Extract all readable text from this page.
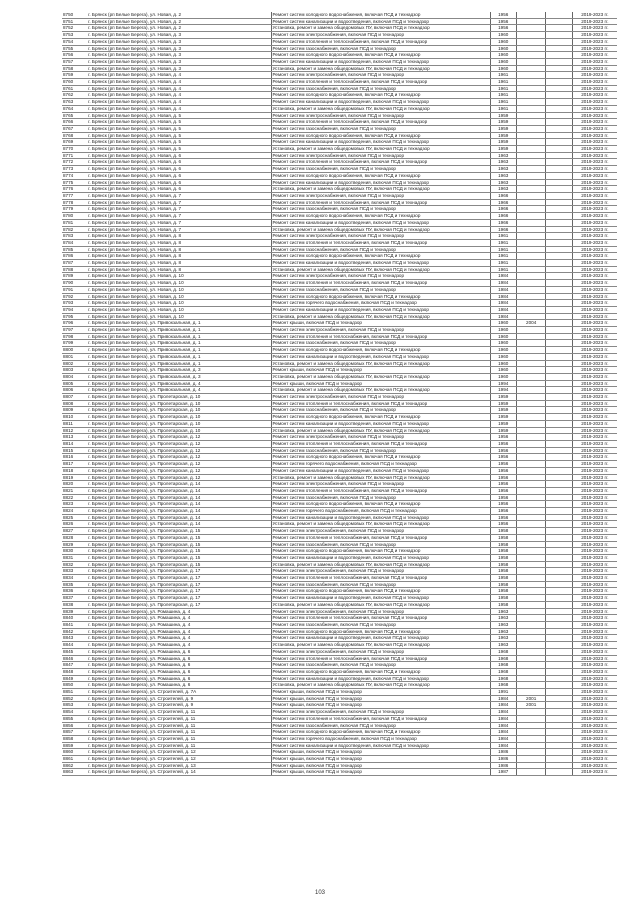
8750	г. Брянск (рп Белые Берега), ул. Новая, д. 2	Ремонт систем холодного водоснабжения, включая ПСД и технадзор	1956			2019-2023 гг.
8751	г. Брянск (рп Белые Берега), ул. Новая, д. 2	Ремонт систем канализации и водоотведения, включая ПСД и технадзор	1956			2019-2023 гг.
8752	г. Брянск (рп Белые Берега), ул. Новая, д. 2	Установка, ремонт и замена общедомовых ПУ, включая ПСД и технадзор	1956			2019-2023 гг.
8753	г. Брянск (рп Белые Берега), ул. Новая, д. 3	Ремонт систем электроснабжения, включая ПСД и технадзор	1960			2019-2023 гг.
8754	г. Брянск (рп Белые Берега), ул. Новая, д. 3	Ремонт систем отопления и теплоснабжения, включая ПСД и технадзор	1960			2019-2023 гг.
8755	г. Брянск (рп Белые Берега), ул. Новая, д. 3	Ремонт систем газоснабжения, включая ПСД и технадзор	1960			2019-2023 гг.
8756	г. Брянск (рп Белые Берега), ул. Новая, д. 3	Ремонт систем холодного водоснабжения, включая ПСД и технадзор	1960			2019-2023 гг.
8757	г. Брянск (рп Белые Берега), ул. Новая, д. 3	Ремонт систем канализации и водоотведения, включая ПСД и технадзор	1960			2019-2023 гг.
8758	г. Брянск (рп Белые Берега), ул. Новая, д. 3	Установка, ремонт и замена общедомовых ПУ, включая ПСД и технадзор	1960			2019-2023 гг.
8759	г. Брянск (рп Белые Берега), ул. Новая, д. 4	Ремонт систем электроснабжения, включая ПСД и технадзор	1961			2019-2023 гг.
8760	г. Брянск (рп Белые Берега), ул. Новая, д. 4	Ремонт систем отопления и теплоснабжения, включая ПСД и технадзор	1961			2019-2023 гг.
8761	г. Брянск (рп Белые Берега), ул. Новая, д. 4	Ремонт систем газоснабжения, включая ПСД и технадзор	1961			2019-2023 гг.
8762	г. Брянск (рп Белые Берега), ул. Новая, д. 4	Ремонт систем холодного водоснабжения, включая ПСД и технадзор	1961			2019-2023 гг.
8763	г. Брянск (рп Белые Берега), ул. Новая, д. 4	Ремонт систем канализации и водоотведения, включая ПСД и технадзор	1961			2019-2023 гг.
8764	г. Брянск (рп Белые Берега), ул. Новая, д. 4	Установка, ремонт и замена общедомовых ПУ, включая ПСД и технадзор	1961			2019-2023 гг.
8765	г. Брянск (рп Белые Берега), ул. Новая, д. 5	Ремонт систем электроснабжения, включая ПСД и технадзор	1959			2019-2023 гг.
8766	г. Брянск (рп Белые Берега), ул. Новая, д. 5	Ремонт систем отопления и теплоснабжения, включая ПСД и технадзор	1959			2019-2023 гг.
8767	г. Брянск (рп Белые Берега), ул. Новая, д. 5	Ремонт систем газоснабжения, включая ПСД и технадзор	1959			2019-2023 гг.
8768	г. Брянск (рп Белые Берега), ул. Новая, д. 5	Ремонт систем холодного водоснабжения, включая ПСД и технадзор	1959			2019-2023 гг.
8769	г. Брянск (рп Белые Берега), ул. Новая, д. 5	Ремонт систем канализации и водоотведения, включая ПСД и технадзор	1959			2019-2023 гг.
8770	г. Брянск (рп Белые Берега), ул. Новая, д. 5	Установка, ремонт и замена общедомовых ПУ, включая ПСД и технадзор	1959			2019-2023 гг.
8771	г. Брянск (рп Белые Берега), ул. Новая, д. 6	Ремонт систем электроснабжения, включая ПСД и технадзор	1963			2019-2023 гг.
8772	г. Брянск (рп Белые Берега), ул. Новая, д. 6	Ремонт систем отопления и теплоснабжения, включая ПСД и технадзор	1963			2019-2023 гг.
8773	г. Брянск (рп Белые Берега), ул. Новая, д. 6	Ремонт систем газоснабжения, включая ПСД и технадзор	1963			2019-2023 гг.
8774	г. Брянск (рп Белые Берега), ул. Новая, д. 6	Ремонт систем холодного водоснабжения, включая ПСД и технадзор	1963			2019-2023 гг.
8775	г. Брянск (рп Белые Берега), ул. Новая, д. 6	Ремонт систем канализации и водоотведения, включая ПСД и технадзор	1963			2019-2023 гг.
8776	г. Брянск (рп Белые Берега), ул. Новая, д. 6	Установка, ремонт и замена общедомовых ПУ, включая ПСД и технадзор	1963			2019-2023 гг.
8777	г. Брянск (рп Белые Берега), ул. Новая, д. 7	Ремонт систем электроснабжения, включая ПСД и технадзор	1966			2019-2023 гг.
8778	г. Брянск (рп Белые Берега), ул. Новая, д. 7	Ремонт систем отопления и теплоснабжения, включая ПСД и технадзор	1966			2019-2023 гг.
8779	г. Брянск (рп Белые Берега), ул. Новая, д. 7	Ремонт систем газоснабжения, включая ПСД и технадзор	1966			2019-2023 гг.
8780	г. Брянск (рп Белые Берега), ул. Новая, д. 7	Ремонт систем холодного водоснабжения, включая ПСД и технадзор	1966			2019-2023 гг.
8781	г. Брянск (рп Белые Берега), ул. Новая, д. 7	Ремонт систем канализации и водоотведения, включая ПСД и технадзор	1966			2019-2023 гг.
8782	г. Брянск (рп Белые Берега), ул. Новая, д. 7	Установка, ремонт и замена общедомовых ПУ, включая ПСД и технадзор	1966			2019-2023 гг.
8783	г. Брянск (рп Белые Берега), ул. Новая, д. 8	Ремонт систем электроснабжения, включая ПСД и технадзор	1961			2019-2023 гг.
8784	г. Брянск (рп Белые Берега), ул. Новая, д. 8	Ремонт систем отопления и теплоснабжения, включая ПСД и технадзор	1961			2019-2023 гг.
8785	г. Брянск (рп Белые Берега), ул. Новая, д. 8	Ремонт систем газоснабжения, включая ПСД и технадзор	1961			2019-2023 гг.
8786	г. Брянск (рп Белые Берега), ул. Новая, д. 8	Ремонт систем холодного водоснабжения, включая ПСД и технадзор	1961			2019-2023 гг.
8787	г. Брянск (рп Белые Берега), ул. Новая, д. 8	Ремонт систем канализации и водоотведения, включая ПСД и технадзор	1961			2019-2023 гг.
8788	г. Брянск (рп Белые Берега), ул. Новая, д. 8	Установка, ремонт и замена общедомовых ПУ, включая ПСД и технадзор	1961			2019-2023 гг.
8789	г. Брянск (рп Белые Берега), ул. Новая, д. 10	Ремонт систем электроснабжения, включая ПСД и технадзор	1984			2019-2023 гг.
8790	г. Брянск (рп Белые Берега), ул. Новая, д. 10	Ремонт систем отопления и теплоснабжения, включая ПСД и технадзор	1984			2019-2023 гг.
8791	г. Брянск (рп Белые Берега), ул. Новая, д. 10	Ремонт систем газоснабжения, включая ПСД и технадзор	1984			2019-2023 гг.
8792	г. Брянск (рп Белые Берега), ул. Новая, д. 10	Ремонт систем холодного водоснабжения, включая ПСД и технадзор	1984			2019-2023 гг.
8793	г. Брянск (рп Белые Берега), ул. Новая, д. 10	Ремонт систем горячего водоснабжения, включая ПСД и технадзор	1984			2019-2023 гг.
8794	г. Брянск (рп Белые Берега), ул. Новая, д. 10	Ремонт систем канализации и водоотведения, включая ПСД и технадзор	1984			2019-2023 гг.
8795	г. Брянск (рп Белые Берега), ул. Новая, д. 10	Установка, ремонт и замена общедомовых ПУ, включая ПСД и технадзор	1984			2019-2023 гг.
8796	г. Брянск (рп Белые Берега), ул. Привокзальная, д. 1	Ремонт крыши, включая ПСД и технадзор	1960	2004		2019-2023 гг.
8797	г. Брянск (рп Белые Берега), ул. Привокзальная, д. 1	Ремонт систем электроснабжения, включая ПСД и технадзор	1960			2019-2023 гг.
8798	г. Брянск (рп Белые Берега), ул. Привокзальная, д. 1	Ремонт систем отопления и теплоснабжения, включая ПСД и технадзор	1960			2019-2023 гг.
8799	г. Брянск (рп Белые Берега), ул. Привокзальная, д. 1	Ремонт систем газоснабжения, включая ПСД и технадзор	1960			2019-2023 гг.
8800	г. Брянск (рп Белые Берега), ул. Привокзальная, д. 1	Ремонт систем холодного водоснабжения, включая ПСД и технадзор	1960			2019-2023 гг.
8801	г. Брянск (рп Белые Берега), ул. Привокзальная, д. 1	Ремонт систем канализации и водоотведения, включая ПСД и технадзор	1960			2019-2023 гг.
8802	г. Брянск (рп Белые Берега), ул. Привокзальная, д. 1	Установка, ремонт и замена общедомовых ПУ, включая ПСД и технадзор	1960			2019-2023 гг.
8803	г. Брянск (рп Белые Берега), ул. Привокзальная, д. 3	Ремонт крыши, включая ПСД и технадзор	1960			2019-2023 гг.
8804	г. Брянск (рп Белые Берега), ул. Привокзальная, д. 3	Установка, ремонт и замена общедомовых ПУ, включая ПСД и технадзор	1960			2019-2023 гг.
8805	г. Брянск (рп Белые Берега), ул. Привокзальная, д. 4	Ремонт крыши, включая ПСД и технадзор	1994			2019-2023 гг.
8806	г. Брянск (рп Белые Берега), ул. Привокзальная, д. 4	Установка, ремонт и замена общедомовых ПУ, включая ПСД и технадзор	1994			2019-2023 гг.
8807	г. Брянск (рп Белые Берега), ул. Пролетарская, д. 10	Ремонт систем электроснабжения, включая ПСД и технадзор	1959			2019-2023 гг.
8808	г. Брянск (рп Белые Берега), ул. Пролетарская, д. 10	Ремонт систем отопления и теплоснабжения, включая ПСД и технадзор	1959			2019-2023 гг.
8809	г. Брянск (рп Белые Берега), ул. Пролетарская, д. 10	Ремонт систем газоснабжения, включая ПСД и технадзор	1959			2019-2023 гг.
8810	г. Брянск (рп Белые Берега), ул. Пролетарская, д. 10	Ремонт систем холодного водоснабжения, включая ПСД и технадзор	1959			2019-2023 гг.
8811	г. Брянск (рп Белые Берега), ул. Пролетарская, д. 10	Ремонт систем канализации и водоотведения, включая ПСД и технадзор	1959			2019-2023 гг.
8812	г. Брянск (рп Белые Берега), ул. Пролетарская, д. 10	Установка, ремонт и замена общедомовых ПУ, включая ПСД и технадзор	1959			2019-2023 гг.
8813	г. Брянск (рп Белые Берега), ул. Пролетарская, д. 12	Ремонт систем электроснабжения, включая ПСД и технадзор	1956			2019-2023 гг.
8814	г. Брянск (рп Белые Берега), ул. Пролетарская, д. 12	Ремонт систем отопления и теплоснабжения, включая ПСД и технадзор	1956			2019-2023 гг.
8815	г. Брянск (рп Белые Берега), ул. Пролетарская, д. 12	Ремонт систем газоснабжения, включая ПСД и технадзор	1956			2019-2023 гг.
8816	г. Брянск (рп Белые Берега), ул. Пролетарская, д. 12	Ремонт систем холодного водоснабжения, включая ПСД и технадзор	1956			2019-2023 гг.
8817	г. Брянск (рп Белые Берега), ул. Пролетарская, д. 12	Ремонт систем горячего водоснабжения, включая ПСД и технадзор	1956			2019-2023 гг.
8818	г. Брянск (рп Белые Берега), ул. Пролетарская, д. 12	Ремонт систем канализации и водоотведения, включая ПСД и технадзор	1956			2019-2023 гг.
8819	г. Брянск (рп Белые Берега), ул. Пролетарская, д. 12	Установка, ремонт и замена общедомовых ПУ, включая ПСД и технадзор	1956			2019-2023 гг.
8820	г. Брянск (рп Белые Берега), ул. Пролетарская, д. 14	Ремонт систем электроснабжения, включая ПСД и технадзор	1956			2019-2023 гг.
8821	г. Брянск (рп Белые Берега), ул. Пролетарская, д. 14	Ремонт систем отопления и теплоснабжения, включая ПСД и технадзор	1956			2019-2023 гг.
8822	г. Брянск (рп Белые Берега), ул. Пролетарская, д. 14	Ремонт систем газоснабжения, включая ПСД и технадзор	1956			2019-2023 гг.
8823	г. Брянск (рп Белые Берега), ул. Пролетарская, д. 14	Ремонт систем холодного водоснабжения, включая ПСД и технадзор	1956			2019-2023 гг.
8824	г. Брянск (рп Белые Берега), ул. Пролетарская, д. 14	Ремонт систем горячего водоснабжения, включая ПСД и технадзор	1956			2019-2023 гг.
8825	г. Брянск (рп Белые Берега), ул. Пролетарская, д. 14	Ремонт систем канализации и водоотведения, включая ПСД и технадзор	1956			2019-2023 гг.
8826	г. Брянск (рп Белые Берега), ул. Пролетарская, д. 14	Установка, ремонт и замена общедомовых ПУ, включая ПСД и технадзор	1956			2019-2023 гг.
8827	г. Брянск (рп Белые Берега), ул. Пролетарская, д. 15	Ремонт систем электроснабжения, включая ПСД и технадзор	1958			2019-2023 гг.
8828	г. Брянск (рп Белые Берега), ул. Пролетарская, д. 15	Ремонт систем отопления и теплоснабжения, включая ПСД и технадзор	1958			2019-2023 гг.
8829	г. Брянск (рп Белые Берега), ул. Пролетарская, д. 15	Ремонт систем газоснабжения, включая ПСД и технадзор	1958			2019-2023 гг.
8830	г. Брянск (рп Белые Берега), ул. Пролетарская, д. 15	Ремонт систем холодного водоснабжения, включая ПСД и технадзор	1958			2019-2023 гг.
8831	г. Брянск (рп Белые Берега), ул. Пролетарская, д. 15	Ремонт систем канализации и водоотведения, включая ПСД и технадзор	1958			2019-2023 гг.
8832	г. Брянск (рп Белые Берега), ул. Пролетарская, д. 15	Установка, ремонт и замена общедомовых ПУ, включая ПСД и технадзор	1958			2019-2023 гг.
8833	г. Брянск (рп Белые Берега), ул. Пролетарская, д. 17	Ремонт систем электроснабжения, включая ПСД и технадзор	1958			2019-2023 гг.
8834	г. Брянск (рп Белые Берега), ул. Пролетарская, д. 17	Ремонт систем отопления и теплоснабжения, включая ПСД и технадзор	1958			2019-2023 гг.
8835	г. Брянск (рп Белые Берега), ул. Пролетарская, д. 17	Ремонт систем газоснабжения, включая ПСД и технадзор	1958			2019-2023 гг.
8836	г. Брянск (рп Белые Берега), ул. Пролетарская, д. 17	Ремонт систем холодного водоснабжения, включая ПСД и технадзор	1958			2019-2023 гг.
8837	г. Брянск (рп Белые Берега), ул. Пролетарская, д. 17	Ремонт систем канализации и водоотведения, включая ПСД и технадзор	1958			2019-2023 гг.
8838	г. Брянск (рп Белые Берега), ул. Пролетарская, д. 17	Установка, ремонт и замена общедомовых ПУ, включая ПСД и технадзор	1958			2019-2023 гг.
8839	г. Брянск (рп Белые Берега), ул. Ромашина, д. 4	Ремонт систем электроснабжения, включая ПСД и технадзор	1963			2019-2023 гг.
8840	г. Брянск (рп Белые Берега), ул. Ромашина, д. 4	Ремонт систем отопления и теплоснабжения, включая ПСД и технадзор	1963			2019-2023 гг.
8841	г. Брянск (рп Белые Берега), ул. Ромашина, д. 4	Ремонт систем газоснабжения, включая ПСД и технадзор	1963			2019-2023 гг.
8842	г. Брянск (рп Белые Берега), ул. Ромашина, д. 4	Ремонт систем холодного водоснабжения, включая ПСД и технадзор	1963			2019-2023 гг.
8843	г. Брянск (рп Белые Берега), ул. Ромашина, д. 4	Ремонт систем канализации и водоотведения, включая ПСД и технадзор	1963			2019-2023 гг.
8844	г. Брянск (рп Белые Берега), ул. Ромашина, д. 4	Установка, ремонт и замена общедомовых ПУ, включая ПСД и технадзор	1963			2019-2023 гг.
8845	г. Брянск (рп Белые Берега), ул. Ромашина, д. 6	Ремонт систем электроснабжения, включая ПСД и технадзор	1968			2019-2023 гг.
8846	г. Брянск (рп Белые Берега), ул. Ромашина, д. 6	Ремонт систем отопления и теплоснабжения, включая ПСД и технадзор	1968			2019-2023 гг.
8847	г. Брянск (рп Белые Берега), ул. Ромашина, д. 6	Ремонт систем газоснабжения, включая ПСД и технадзор	1968			2019-2023 гг.
8848	г. Брянск (рп Белые Берега), ул. Ромашина, д. 6	Ремонт систем холодного водоснабжения, включая ПСД и технадзор	1968			2019-2023 гг.
8849	г. Брянск (рп Белые Берега), ул. Ромашина, д. 6	Ремонт систем канализации и водоотведения, включая ПСД и технадзор	1968			2019-2023 гг.
8850	г. Брянск (рп Белые Берега), ул. Ромашина, д. 6	Установка, ремонт и замена общедомовых ПУ, включая ПСД и технадзор	1968			2019-2023 гг.
8851	г. Брянск (рп Белые Берега), ул. Строителей, д. 7А	Ремонт крыши, включая ПСД и технадзор	1991			2019-2023 гг.
8852	г. Брянск (рп Белые Берега), ул. Строителей, д. 9	Ремонт крыши, включая ПСД и технадзор	1984	2001		2019-2023 гг.
8853	г. Брянск (рп Белые Берега), ул. Строителей, д. 9	Ремонт крыши, включая ПСД и технадзор	1984	2001		2019-2023 гг.
8854	г. Брянск (рп Белые Берега), ул. Строителей, д. 11	Ремонт систем электроснабжения, включая ПСД и технадзор	1984			2019-2023 гг.
8855	г. Брянск (рп Белые Берега), ул. Строителей, д. 11	Ремонт систем отопления и теплоснабжения, включая ПСД и технадзор	1984			2019-2023 гг.
8856	г. Брянск (рп Белые Берега), ул. Строителей, д. 11	Ремонт систем газоснабжения, включая ПСД и технадзор	1984			2019-2023 гг.
8857	г. Брянск (рп Белые Берега), ул. Строителей, д. 11	Ремонт систем холодного водоснабжения, включая ПСД и технадзор	1984			2019-2023 гг.
8858	г. Брянск (рп Белые Берега), ул. Строителей, д. 11	Ремонт систем горячего водоснабжения, включая ПСД и технадзор	1984			2019-2023 гг.
8859	г. Брянск (рп Белые Берега), ул. Строителей, д. 11	Ремонт систем канализации и водоотведения, включая ПСД и технадзор	1984			2019-2023 гг.
8860	г. Брянск (рп Белые Берега), ул. Строителей, д. 12	Ремонт крыши, включая ПСД и технадзор	1986			2019-2023 гг.
8861	г. Брянск (рп Белые Берега), ул. Строителей, д. 12	Ремонт крыши, включая ПСД и технадзор	1986			2019-2023 гг.
8862	г. Брянск (рп Белые Берега), ул. Строителей, д. 13	Ремонт крыши, включая ПСД и технадзор	1986			2019-2023 гг.
8863	г. Брянск (рп Белые Берега), ул. Строителей, д. 14	Ремонт крыши, включая ПСД и технадзор	1987			2019-2023 гг.
103
